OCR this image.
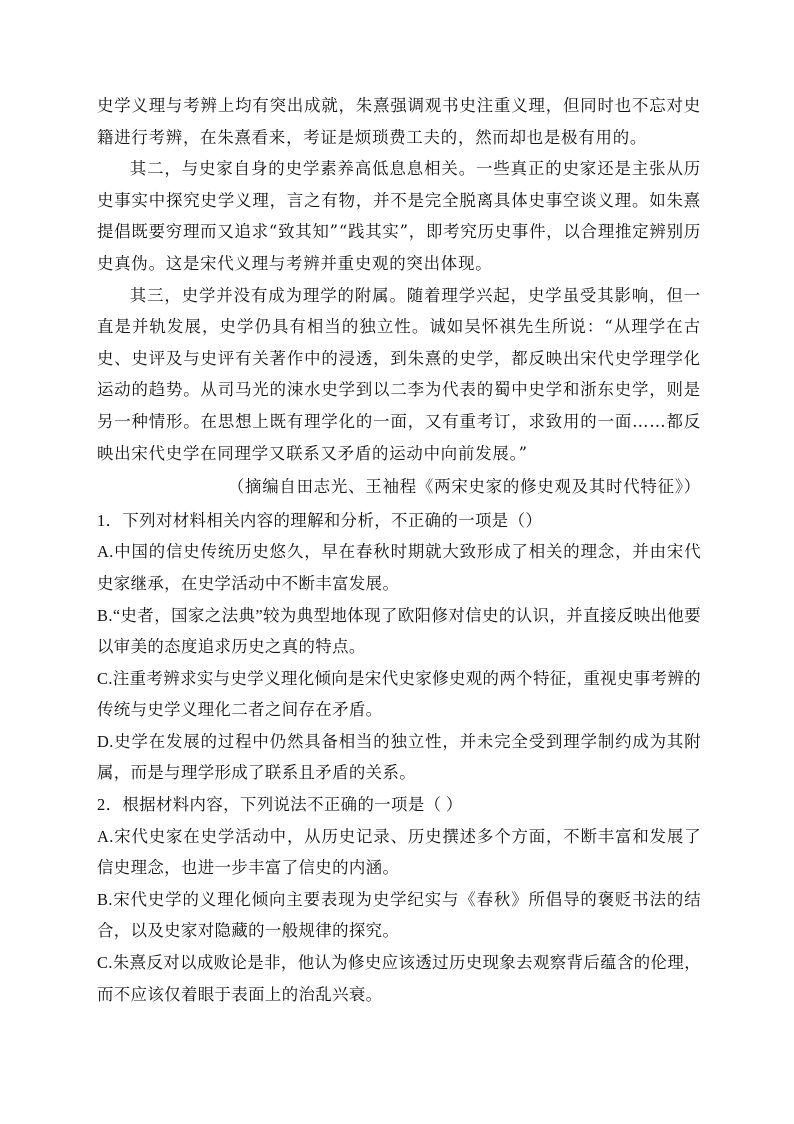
史学义理与考辨上均有突出成就，朱熹强调观书史注重义理，但同时也不忘对史籍进行考辨，在朱熹看来，考证是烦琐费工夫的，然而却也是极有用的。

其二，与史家自身的史学素养高低息息相关。一些真正的史家还是主张从历史事实中探究史学义理，言之有物，并不是完全脱离具体史事空谈义理。如朱熹提倡既要穷理而又追求“致其知”“践其实”，即考究历史事件，以合理推定辨别历史真伪。这是宋代义理与考辨并重史观的突出体现。

其三，史学并没有成为理学的附属。随着理学兴起，史学虽受其影响，但一直是并轨发展，史学仍具有相当的独立性。诚如吴怀祺先生所说：“从理学在古史、史评及与史评有关著作中的浸透，到朱熹的史学，都反映出宋代史学理学化运动的趋势。从司马光的涑水史学到以二李为代表的蜀中史学和浙东史学，则是另一种情形。在思想上既有理学化的一面，又有重考订，求致用的一面……都反映出宋代史学在同理学又联系又矛盾的运动中向前发展。”

（摘编自田志光、王袖程《两宋史家的修史观及其时代特征》）

1．下列对材料相关内容的理解和分析，不正确的一项是（）

A.中国的信史传统历史悠久，早在春秋时期就大致形成了相关的理念，并由宋代史家继承，在史学活动中不断丰富发展。

B.“史者，国家之法典”较为典型地体现了欧阳修对信史的认识，并直接反映出他要以审美的态度追求历史之真的特点。

C.注重考辨求实与史学义理化倾向是宋代史家修史观的两个特征，重视史事考辨的传统与史学义理化二者之间存在矛盾。

D.史学在发展的过程中仍然具备相当的独立性，并未完全受到理学制约成为其附属，而是与理学形成了联系且矛盾的关系。

2．根据材料内容，下列说法不正确的一项是（ ）

A.宋代史家在史学活动中，从历史记录、历史撰述多个方面，不断丰富和发展了信史理念，也进一步丰富了信史的内涵。

B.宋代史学的义理化倾向主要表现为史学纪实与《春秋》所倡导的褒贬书法的结合，以及史家对隐藏的一般规律的探究。

C.朱熹反对以成败论是非，他认为修史应该透过历史现象去观察背后蕴含的伦理，而不应该仅着眼于表面上的治乱兴衰。
